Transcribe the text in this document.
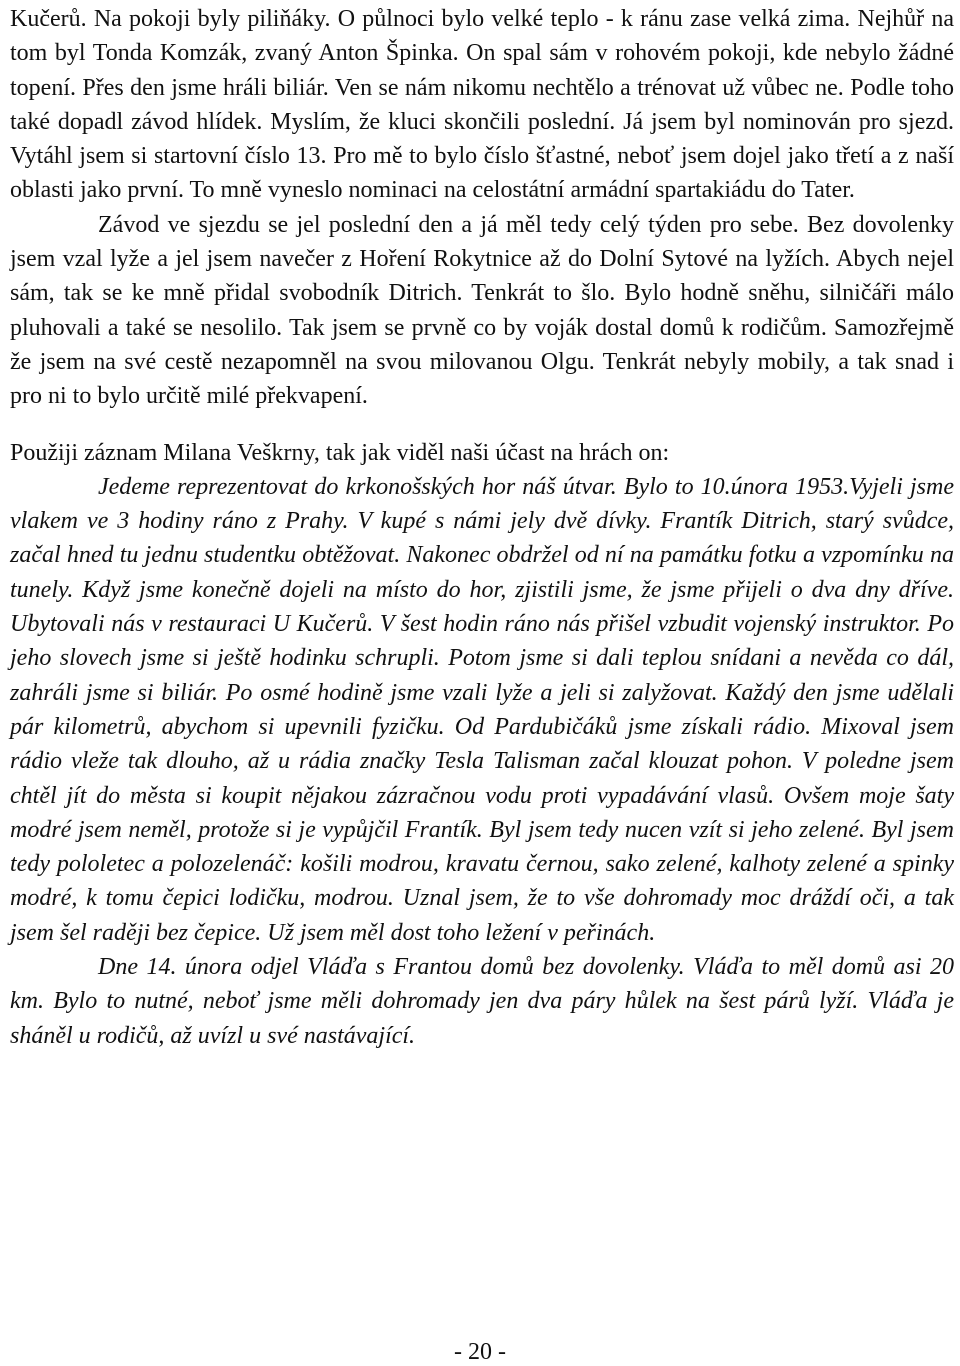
Kučerů. Na pokoji byly piliňáky. O půlnoci bylo velké teplo - k ránu zase velká zima. Nejhůř na tom byl Tonda Komzák, zvaný Anton Špinka. On spal sám v rohovém pokoji, kde nebylo žádné topení. Přes den jsme hráli biliár. Ven se nám nikomu nechtělo a trénovat už vůbec ne. Podle toho také dopadl závod hlídek. Myslím, že kluci skončili poslední. Já jsem byl nominován pro sjezd. Vytáhl jsem si startovní číslo 13. Pro mě to bylo číslo šťastné, neboť jsem dojel jako třetí a z naší oblasti jako první. To mně vyneslo nominaci na celostátní armádní spartakiádu do Tater.

Závod ve sjezdu se jel poslední den a já měl tedy celý týden pro sebe. Bez dovolenky jsem vzal lyže a jel jsem navečer z Hoření Rokytnice až do Dolní Sytové na lyžích. Abych nejel sám, tak se ke mně přidal svobodník Ditrich. Tenkrát to šlo. Bylo hodně sněhu, silničáři málo pluhovali a také se nesolilo. Tak jsem se prvně co by voják dostal domů k rodičům. Samozřejmě že jsem na své cestě nezapomněl na svou milovanou Olgu. Tenkrát nebyly mobily, a tak snad i pro ni to bylo určitě milé překvapení.

Použiji záznam Milana Veškrny, tak jak viděl naši účast na hrách on:

Jedeme reprezentovat do krkonošských hor náš útvar. Bylo to 10.února 1953.Vyjeli jsme vlakem ve 3 hodiny ráno z Prahy. V kupé s námi jely dvě dívky. Frantík Ditrich, starý svůdce, začal hned tu jednu studentku obtěžovat. Nakonec obdržel od ní na památku fotku a vzpomínku na tunely. Když jsme konečně dojeli na místo do hor, zjistili jsme, že jsme přijeli o dva dny dříve. Ubytovali nás v restauraci U Kučerů. V šest hodin ráno nás přišel vzbudit vojenský instruktor. Po jeho slovech jsme si ještě hodinku schrupli. Potom jsme si dali teplou snídani a nevěda co dál, zahráli jsme si biliár. Po osmé hodině jsme vzali lyže a jeli si zalyžovat. Každý den jsme udělali pár kilometrů, abychom si upevnili fyzičku. Od Pardubičáků jsme získali rádio. Mixoval jsem rádio vleže tak dlouho, až u rádia značky Tesla Talisman začal klouzat pohon. V poledne jsem chtěl jít do města si koupit nějakou zázračnou vodu proti vypadávání vlasů. Ovšem moje šaty modré jsem neměl, protože si je vypůjčil Frantík. Byl jsem tedy nucen vzít si jeho zelené. Byl jsem tedy pololetec a polozelenáč: košili modrou, kravatu černou, sako zelené, kalhoty zelené a spinky modré, k tomu čepici lodičku, modrou. Uznal jsem, že to vše dohromady moc dráždí oči, a tak jsem šel raději bez čepice. Už jsem měl dost toho ležení v peřinách.

Dne 14. února odjel Vláďa s Frantou domů bez dovolenky. Vláďa to měl domů asi 20 km. Bylo to nutné, neboť jsme měli dohromady jen dva páry hůlek na šest párů lyží. Vláďa je sháněl u rodičů, až uvízl u své nastávající.

- 20 -
